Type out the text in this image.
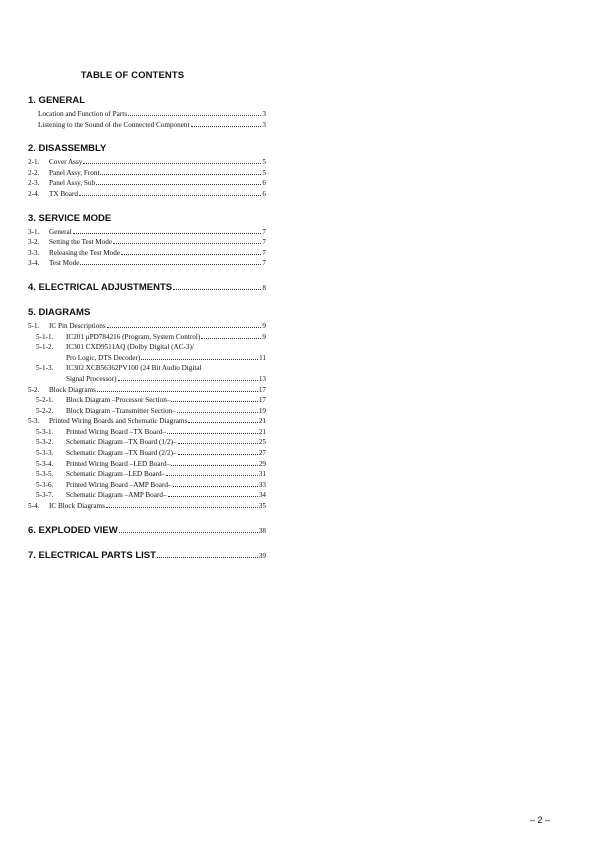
TABLE OF CONTENTS
1. GENERAL
Location and Function of Parts	3
Listening to the Sound of the Connected Component	3
2. DISASSEMBLY
2-1.	Cover Assy	5
2-2.	Panel Assy, Front	5
2-3.	Panel Assy, Sub	6
2-4.	TX Board	6
3. SERVICE MODE
3-1.	General	7
3-2.	Setting the Test Mode	7
3-3.	Releasing the Test Mode	7
3-4.	Test Mode	7
4. ELECTRICAL ADJUSTMENTS	8
5. DIAGRAMS
5-1.	IC Pin Descriptions	9
5-1-1.	IC201 μPD784216 (Program, System Control)	9
5-1-2.	IC301 CXD9511AQ (Dolby Digital (AC-3)/
Pro Logic, DTS Decoder)	11
5-1-3.	IC302 XCB56362PV100 (24 Bit Audio Digital
Signal Processor)	13
5-2.	Block Diagrams	17
5-2-1.	Block Diagram –Processor Section–	17
5-2-2.	Block Diagram –Transmitter Section–	19
5-3.	Printed Wiring Boards and Schematic Diagrams	21
5-3-1.	Printed Wiring Board –TX Board–	21
5-3-2.	Schematic Diagram –TX Board (1/2)–	25
5-3-3.	Schematic Diagram –TX Board (2/2)–	27
5-3-4.	Printed Wiring Board –LED Board–	29
5-3-5.	Schematic Diagram –LED Board–	31
5-3-6.	Printed Wiring Board –AMP Board–	33
5-3-7.	Schematic Diagram –AMP Board–	34
5-4.	IC Block Diagrams	35
6. EXPLODED VIEW	38
7. ELECTRICAL PARTS LIST	39
– 2 –
